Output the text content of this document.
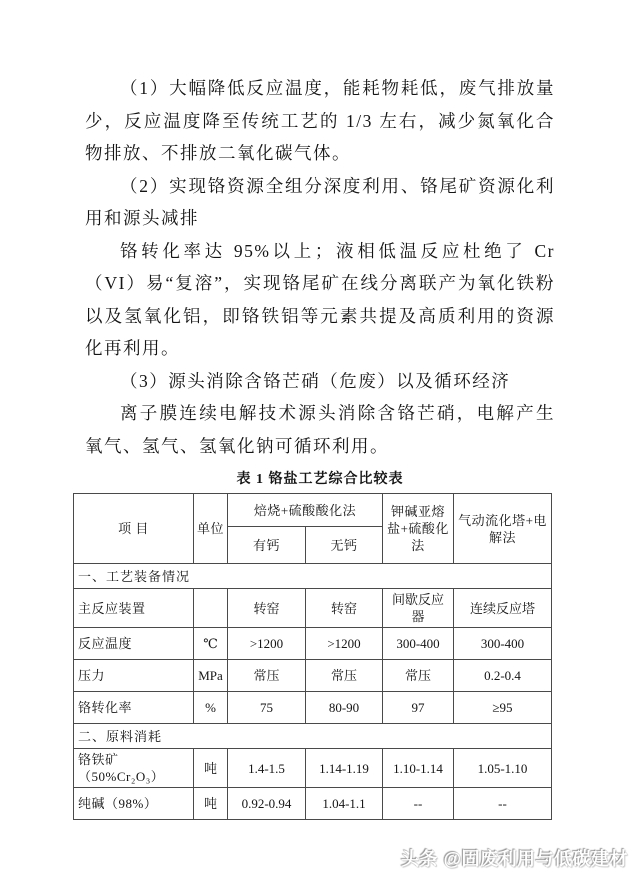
（1）大幅降低反应温度，能耗物耗低，废气排放量少，反应温度降至传统工艺的 1/3 左右，减少氮氧化合物排放、不排放二氧化碳气体。

（2）实现铬资源全组分深度利用、铬尾矿资源化利用和源头减排

铬转化率达 95%以上；液相低温反应杜绝了 Cr（VI）易“复溶”，实现铬尾矿在线分离联产为氧化铁粉以及氢氧化铝，即铬铁铝等元素共提及高质利用的资源化再利用。

（3）源头消除含铬芒硝（危废）以及循环经济

离子膜连续电解技术源头消除含铬芒硝，电解产生氧气、氢气、氢氧化钠可循环利用。

表 1 铬盐工艺综合比较表
项 目	单位	焙烧+硫酸酸化法		钾碱亚熔盐+硫酸化法	气动流化塔+电解法
		有钙	无钙		
一、工艺装备情况					
主反应装置		转窑	转窑	间歇反应器	连续反应塔
反应温度	℃	>1200	>1200	300-400	300-400
压力	MPa	常压	常压	常压	0.2-0.4
铬转化率	%	75	80-90	97	≥95
二、原料消耗					
铬铁矿（50%Cr₂O₃）	吨	1.4-1.5	1.14-1.19	1.10-1.14	1.05-1.10
纯碱（98%）	吨	0.92-0.94	1.04-1.1	--	--
头条 @固废利用与低碳建材
